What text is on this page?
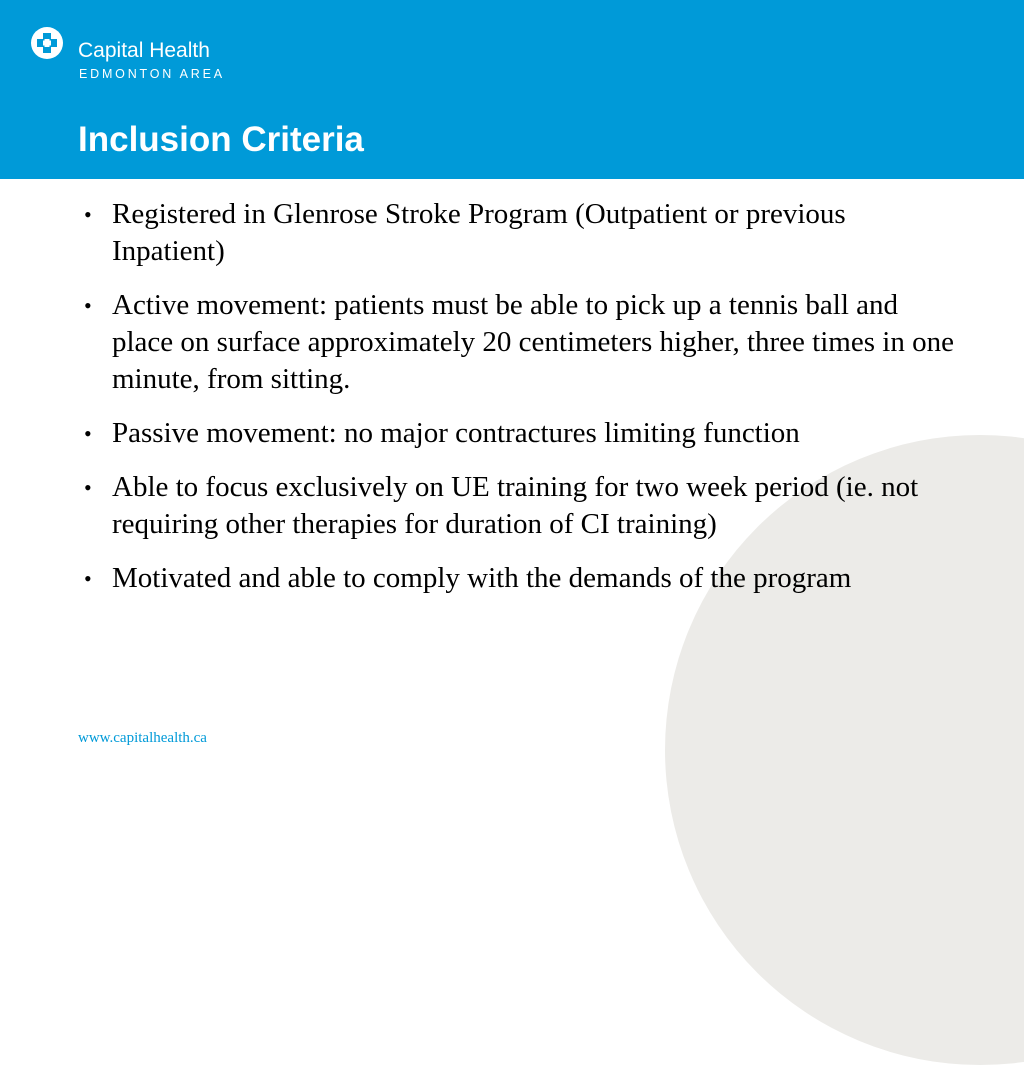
Capital Health
EDMONTON AREA
Inclusion Criteria
• Registered in Glenrose Stroke Program (Outpatient or previous Inpatient)
• Active movement: patients must be able to pick up a tennis ball and place on surface approximately 20 centimeters higher, three times in one minute, from sitting.
• Passive movement: no major contractures limiting function
• Able to focus exclusively on UE training for two week period (ie. not requiring other therapies for duration of CI training)
• Motivated and able to comply with the demands of the program
www.capitalhealth.ca
